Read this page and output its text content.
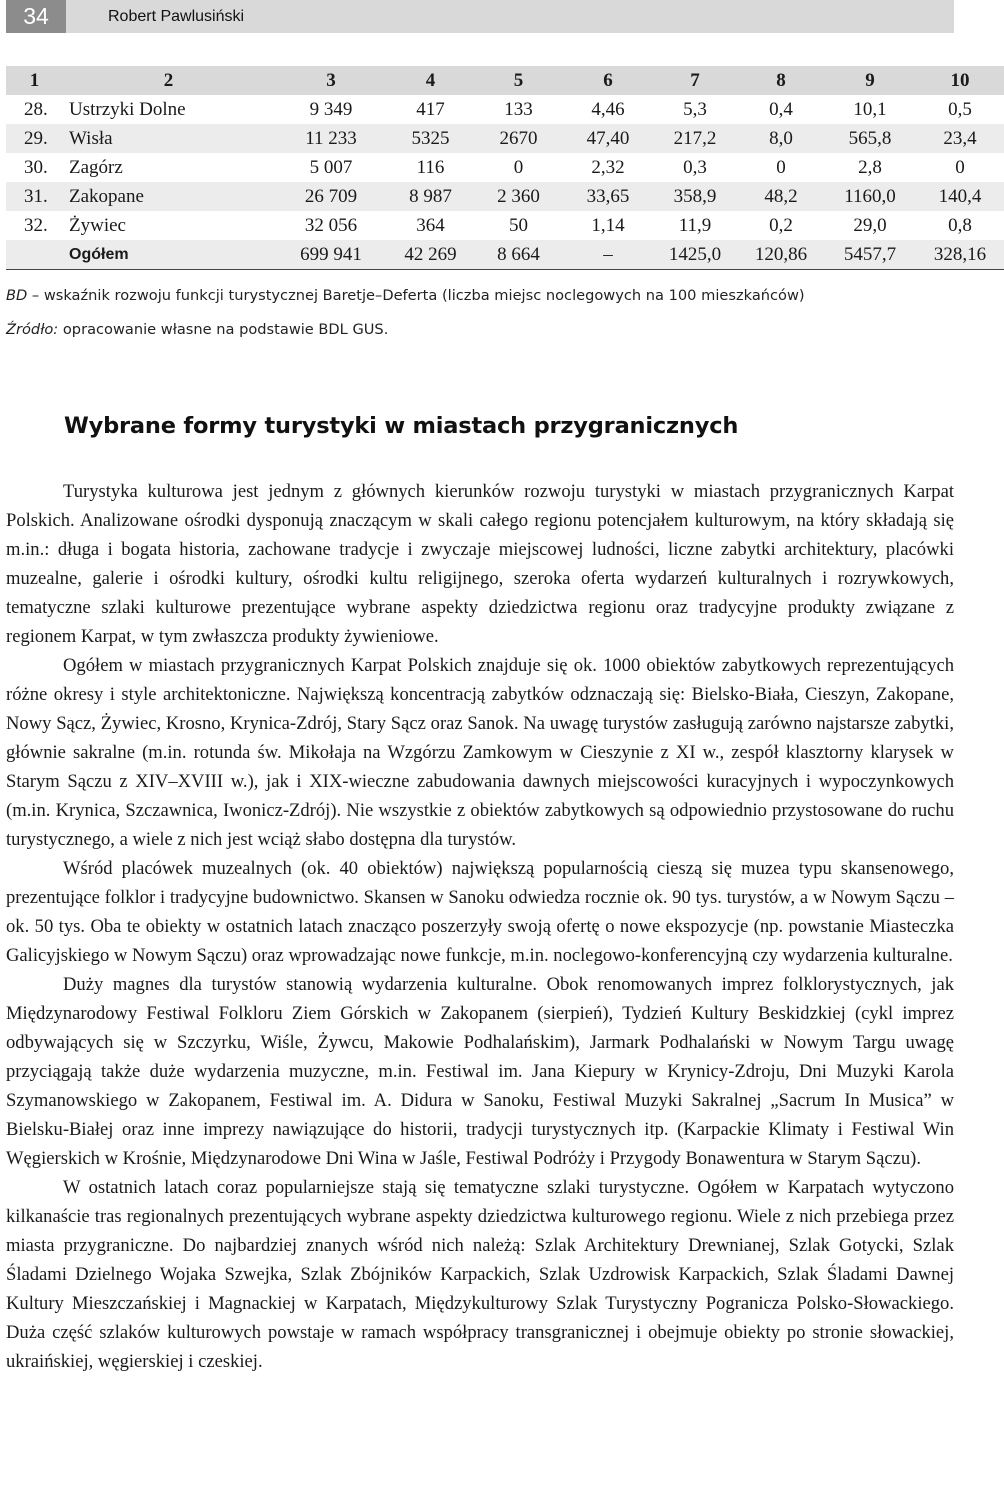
34	Robert Pawlusiński
1	2	3	4	5	6	7	8	9	10
28.	Ustrzyki Dolne	9 349	417	133	4,46	5,3	0,4	10,1	0,5
29.	Wisła	11 233	5325	2670	47,40	217,2	8,0	565,8	23,4
30.	Zagórz	5 007	116	0	2,32	0,3	0	2,8	0
31.	Zakopane	26 709	8 987	2 360	33,65	358,9	48,2	1160,0	140,4
32.	Żywiec	32 056	364	50	1,14	11,9	0,2	29,0	0,8
	Ogółem	699 941	42 269	8 664	–	1425,0	120,86	5457,7	328,16
BD – wskaźnik rozwoju funkcji turystycznej Baretje–Deferta (liczba miejsc noclegowych na 100 mieszkańców)
Źródło: opracowanie własne na podstawie BDL GUS.
Wybrane formy turystyki w miastach przygranicznych

Turystyka kulturowa jest jednym z głównych kierunków rozwoju turystyki w miastach przygranicznych Karpat Polskich. Analizowane ośrodki dysponują znaczącym w skali całego regionu potencjałem kulturowym, na który składają się m.in.: długa i bogata historia, zachowane tradycje i zwyczaje miejscowej ludności, liczne zabytki architektury, placówki muzealne, galerie i ośrodki kultury, ośrodki kultu religijnego, szeroka oferta wydarzeń kulturalnych i rozrywkowych, tematyczne szlaki kulturowe prezentujące wybrane aspekty dziedzictwa regionu oraz tradycyjne produkty związane z regionem Karpat, w tym zwłaszcza produkty żywieniowe.

Ogółem w miastach przygranicznych Karpat Polskich znajduje się ok. 1000 obiektów zabytkowych reprezentujących różne okresy i style architektoniczne. Największą koncentracją zabytków odznaczają się: Bielsko-Biała, Cieszyn, Zakopane, Nowy Sącz, Żywiec, Krosno, Krynica-Zdrój, Stary Sącz oraz Sanok. Na uwagę turystów zasługują zarówno najstarsze zabytki, głównie sakralne (m.in. rotunda św. Mikołaja na Wzgórzu Zamkowym w Cieszynie z XI w., zespół klasztorny klarysek w Starym Sączu z XIV–XVIII w.), jak i XIX-wieczne zabudowania dawnych miejscowości kuracyjnych i wypoczynkowych (m.in. Krynica, Szczawnica, Iwonicz-Zdrój). Nie wszystkie z obiektów zabytkowych są odpowiednio przystosowane do ruchu turystycznego, a wiele z nich jest wciąż słabo dostępna dla turystów.

Wśród placówek muzealnych (ok. 40 obiektów) największą popularnością cieszą się muzea typu skansenowego, prezentujące folklor i tradycyjne budownictwo. Skansen w Sanoku odwiedza rocznie ok. 90 tys. turystów, a w Nowym Sączu – ok. 50 tys. Oba te obiekty w ostatnich latach znacząco poszerzyły swoją ofertę o nowe ekspozycje (np. powstanie Miasteczka Galicyjskiego w Nowym Sączu) oraz wprowadzając nowe funkcje, m.in. noclegowo-konferencyjną czy wydarzenia kulturalne.

Duży magnes dla turystów stanowią wydarzenia kulturalne. Obok renomowanych imprez folklorystycznych, jak Międzynarodowy Festiwal Folkloru Ziem Górskich w Zakopanem (sierpień), Tydzień Kultury Beskidzkiej (cykl imprez odbywających się w Szczyrku, Wiśle, Żywcu, Makowie Podhalańskim), Jarmark Podhalański w Nowym Targu uwagę przyciągają także duże wydarzenia muzyczne, m.in. Festiwal im. Jana Kiepury w Krynicy-Zdroju, Dni Muzyki Karola Szymanowskiego w Zakopanem, Festiwal im. A. Didura w Sanoku, Festiwal Muzyki Sakralnej „Sacrum In Musica” w Bielsku-Białej oraz inne imprezy nawiązujące do historii, tradycji turystycznych itp. (Karpackie Klimaty i Festiwal Win Węgierskich w Krośnie, Międzynarodowe Dni Wina w Jaśle, Festiwal Podróży i Przygody Bonawentura w Starym Sączu).

W ostatnich latach coraz popularniejsze stają się tematyczne szlaki turystyczne. Ogółem w Karpatach wytyczono kilkanaście tras regionalnych prezentujących wybrane aspekty dziedzictwa kulturowego regionu. Wiele z nich przebiega przez miasta przygraniczne. Do najbardziej znanych wśród nich należą: Szlak Architektury Drewnianej, Szlak Gotycki, Szlak Śladami Dzielnego Wojaka Szwejka, Szlak Zbójników Karpackich, Szlak Uzdrowisk Karpackich, Szlak Śladami Dawnej Kultury Mieszczańskiej i Magnackiej w Karpatach, Międzykulturowy Szlak Turystyczny Pogranicza Polsko-Słowackiego. Duża część szlaków kulturowych powstaje w ramach współpracy transgranicznej i obejmuje obiekty po stronie słowackiej, ukraińskiej, węgierskiej i czeskiej.
